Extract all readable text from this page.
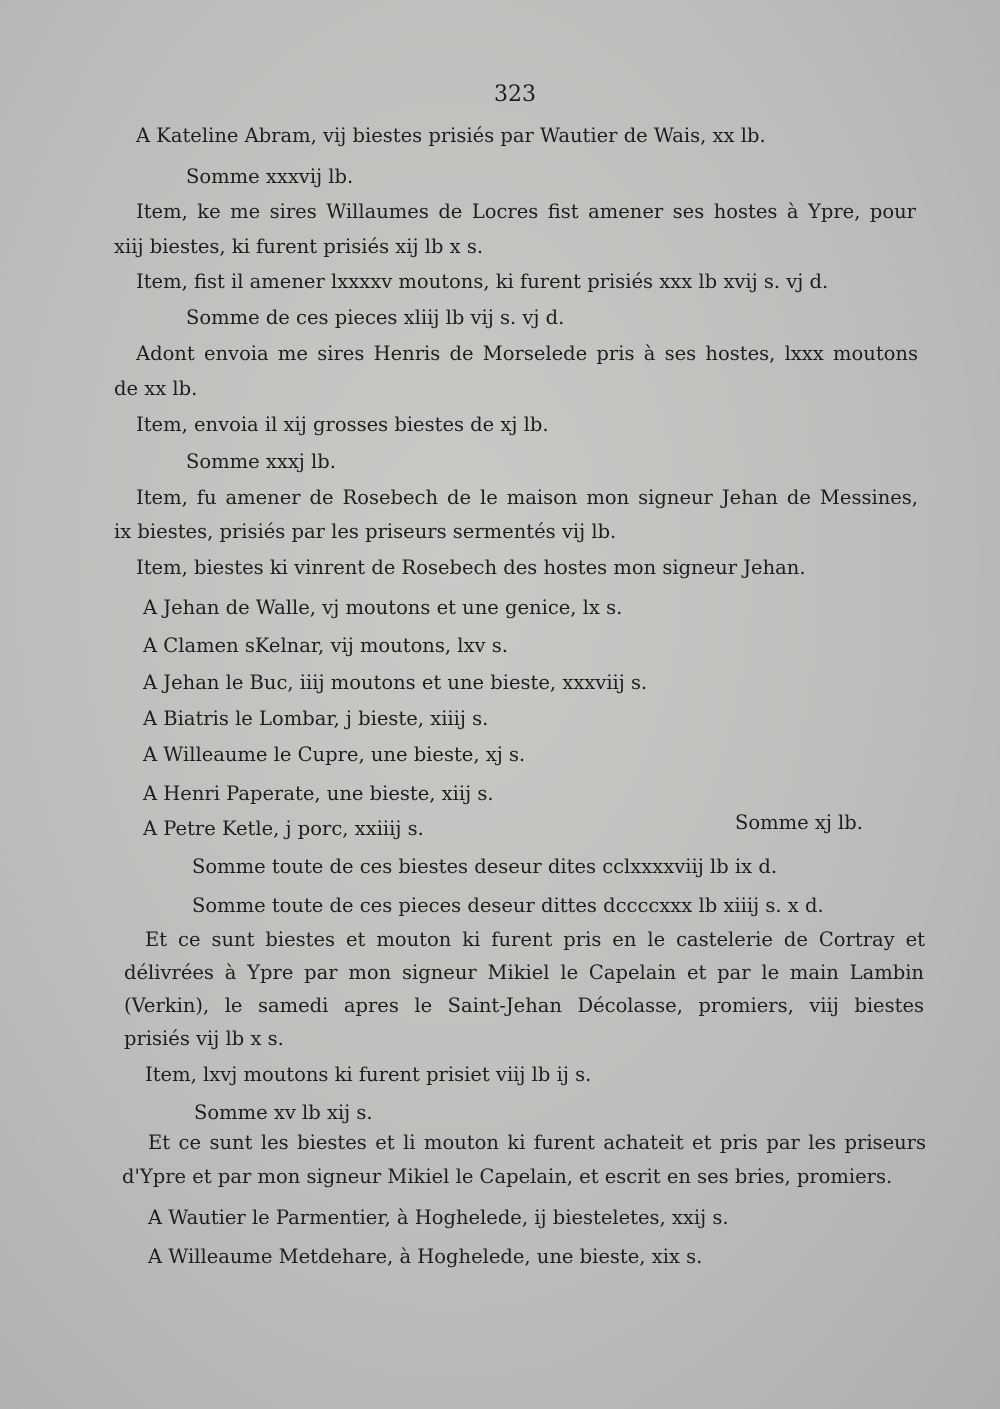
323
A Kateline Abram, vij biestes prisiés par Wautier de Wais, xx lb.
Somme xxxvij lb.
Item, ke me sires Willaumes de Locres fist amener ses hostes à Ypre, pour
xiij biestes, ki furent prisiés xij lb x s.
Item, fist il amener lxxxxv moutons, ki furent prisiés xxx lb xvij s. vj d.
Somme de ces pieces xliij lb vij s. vj d.
Adont envoia me sires Henris de Morselede pris à ses hostes, lxxx moutons
de xx lb.
Item, envoia il xij grosses biestes de xj lb.
Somme xxxj lb.
Item, fu amener de Rosebech de le maison mon signeur Jehan de Messines,
ix biestes, prisiés par les priseurs sermentés vij lb.
Item, biestes ki vinrent de Rosebech des hostes mon signeur Jehan.
A Jehan de Walle, vj moutons et une genice, lx s.
A Clamen sKelnar, vij moutons, lxv s.
A Jehan le Buc, iiij moutons et une bieste, xxxviij s.
A Biatris le Lombar, j bieste, xiiij s.
A Willeaume le Cupre, une bieste, xj s.
A Henri Paperate, une bieste, xiij s.
A Petre Ketle, j porc, xxiiij s.	Somme xj lb.
Somme toute de ces biestes deseur dites cclxxxxviij lb ix d.
Somme toute de ces pieces deseur dittes dccccxxx lb xiiij s. x d.
Et ce sunt biestes et mouton ki furent pris en le castelerie de Cortray et
délivrées à Ypre par mon signeur Mikiel le Capelain et par le main Lambin
(Verkin), le samedi apres le Saint-Jehan Décolasse, promiers, viij biestes
prisiés vij lb x s.
Item, lxvj moutons ki furent prisiet viij lb ij s.
Somme xv lb xij s.
Et ce sunt les biestes et li mouton ki furent achateit et pris par les priseurs
d'Ypre et par mon signeur Mikiel le Capelain, et escrit en ses bries, promiers.
A Wautier le Parmentier, à Hoghelede, ij biesteletes, xxij s.
A Willeaume Metdehare, à Hoghelede, une bieste, xix s.
